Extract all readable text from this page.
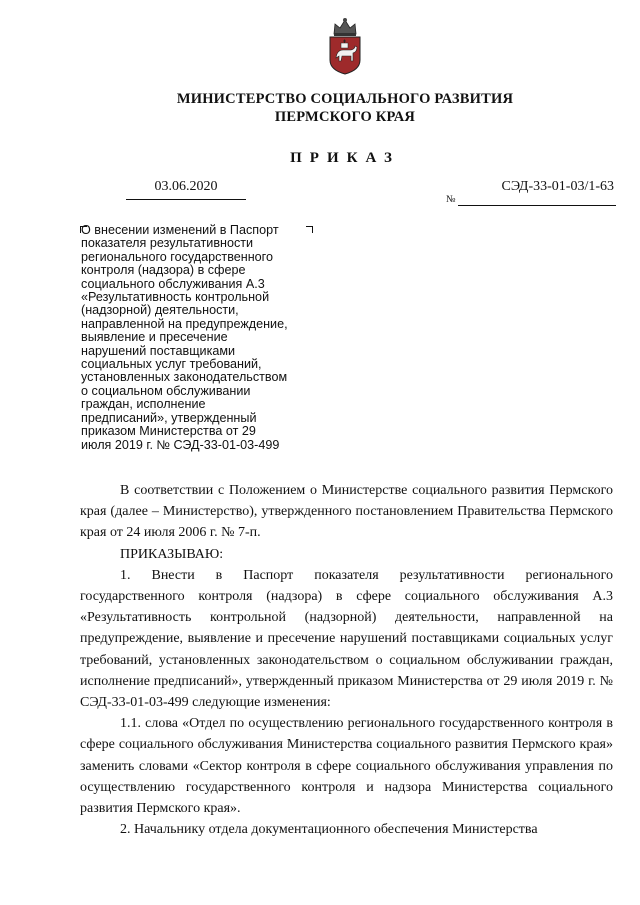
МИНИСТЕРСТВО СОЦИАЛЬНОГО РАЗВИТИЯ
ПЕРМСКОГО КРАЯ
ПРИКАЗ
03.06.2020	СЭД-33-01-03/1-63
№
О внесении изменений в Паспорт
показателя результативности
регионального государственного
контроля (надзора) в сфере
социального обслуживания А.3
«Результативность контрольной
(надзорной) деятельности,
направленной на предупреждение,
выявление и пресечение
нарушений поставщиками
социальных услуг требований,
установленных законодательством
о социальном обслуживании
граждан, исполнение
предписаний», утвержденный
приказом Министерства от 29
июля 2019 г. № СЭД-33-01-03-499

В соответствии с Положением о Министерстве социального развития Пермского края (далее – Министерство), утвержденного постановлением Правительства Пермского края от 24 июля 2006 г. № 7-п.

ПРИКАЗЫВАЮ:

1. Внести в Паспорт показателя результативности регионального государственного контроля (надзора) в сфере социального обслуживания А.3 «Результативность контрольной (надзорной) деятельности, направленной на предупреждение, выявление и пресечение нарушений поставщиками социальных услуг требований, установленных законодательством о социальном обслуживании граждан, исполнение предписаний», утвержденный приказом Министерства от 29 июля 2019 г. № СЭД-33-01-03-499 следующие изменения:

1.1. слова «Отдел по осуществлению регионального государственного контроля в сфере социального обслуживания Министерства социального развития Пермского края» заменить словами «Сектор контроля в сфере социального обслуживания управления по осуществлению государственного контроля и надзора Министерства социального развития Пермского края».

2. Начальнику отдела документационного обеспечения Министерства
